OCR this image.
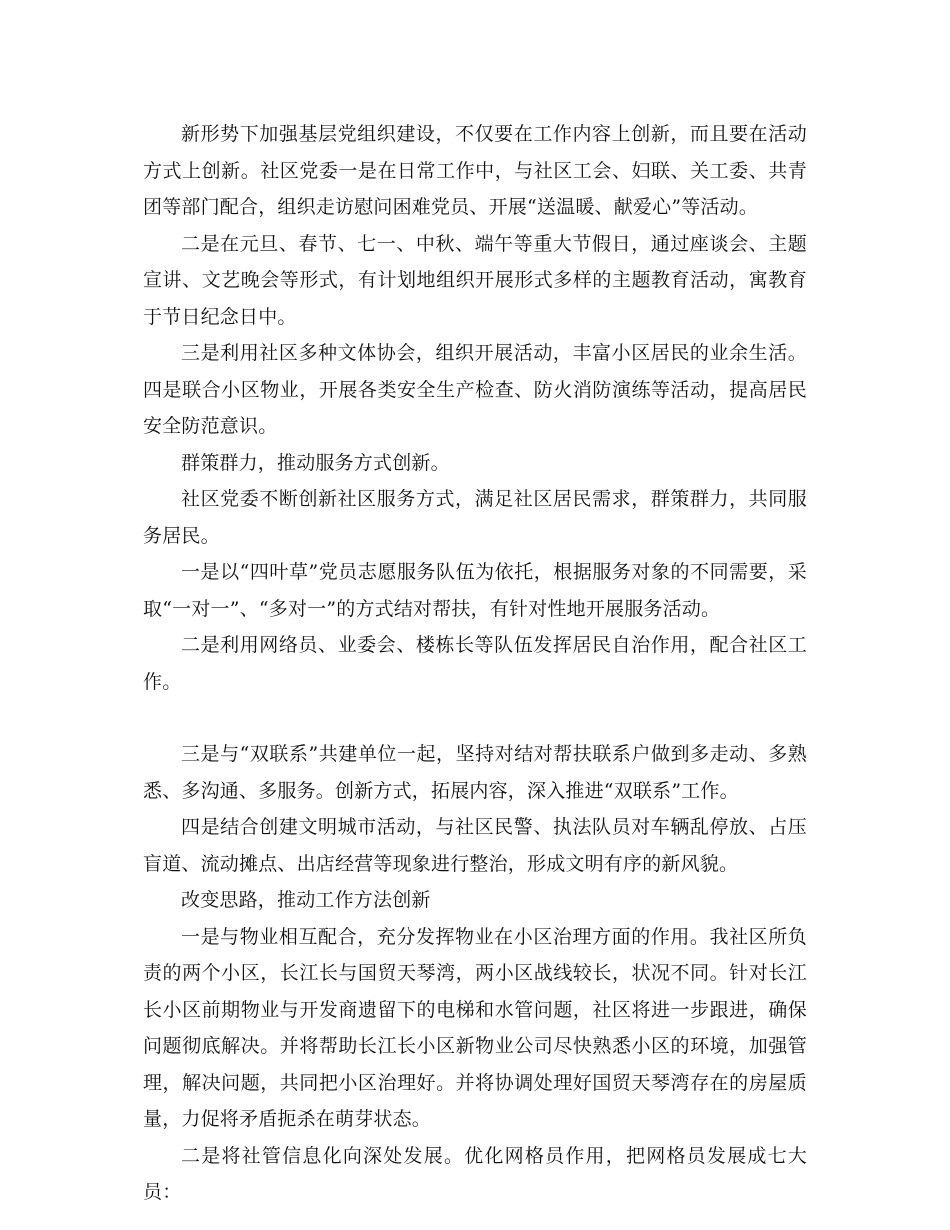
新形势下加强基层党组织建设，不仅要在工作内容上创新，而且要在活动方式上创新。社区党委一是在日常工作中，与社区工会、妇联、关工委、共青团等部门配合，组织走访慰问困难党员、开展“送温暖、献爱心”等活动。

二是在元旦、春节、七一、中秋、端午等重大节假日，通过座谈会、主题宣讲、文艺晚会等形式，有计划地组织开展形式多样的主题教育活动，寓教育于节日纪念日中。

三是利用社区多种文体协会，组织开展活动，丰富小区居民的业余生活。四是联合小区物业，开展各类安全生产检查、防火消防演练等活动，提高居民安全防范意识。

群策群力，推动服务方式创新。

社区党委不断创新社区服务方式，满足社区居民需求，群策群力，共同服务居民。

一是以“四叶草”党员志愿服务队伍为依托，根据服务对象的不同需要，采取“一对一”、“多对一”的方式结对帮扶，有针对性地开展服务活动。

二是利用网络员、业委会、楼栋长等队伍发挥居民自治作用，配合社区工作。

三是与“双联系”共建单位一起，坚持对结对帮扶联系户做到多走动、多熟悉、多沟通、多服务。创新方式，拓展内容，深入推进“双联系”工作。

四是结合创建文明城市活动，与社区民警、执法队员对车辆乱停放、占压盲道、流动摊点、出店经营等现象进行整治，形成文明有序的新风貌。

改变思路，推动工作方法创新

一是与物业相互配合，充分发挥物业在小区治理方面的作用。我社区所负责的两个小区，长江长与国贸天琴湾，两小区战线较长，状况不同。针对长江长小区前期物业与开发商遗留下的电梯和水管问题，社区将进一步跟进，确保问题彻底解决。并将帮助长江长小区新物业公司尽快熟悉小区的环境，加强管理，解决问题，共同把小区治理好。并将协调处理好国贸天琴湾存在的房屋质量，力促将矛盾扼杀在萌芽状态。

二是将社管信息化向深处发展。优化网格员作用，把网格员发展成七大员：
